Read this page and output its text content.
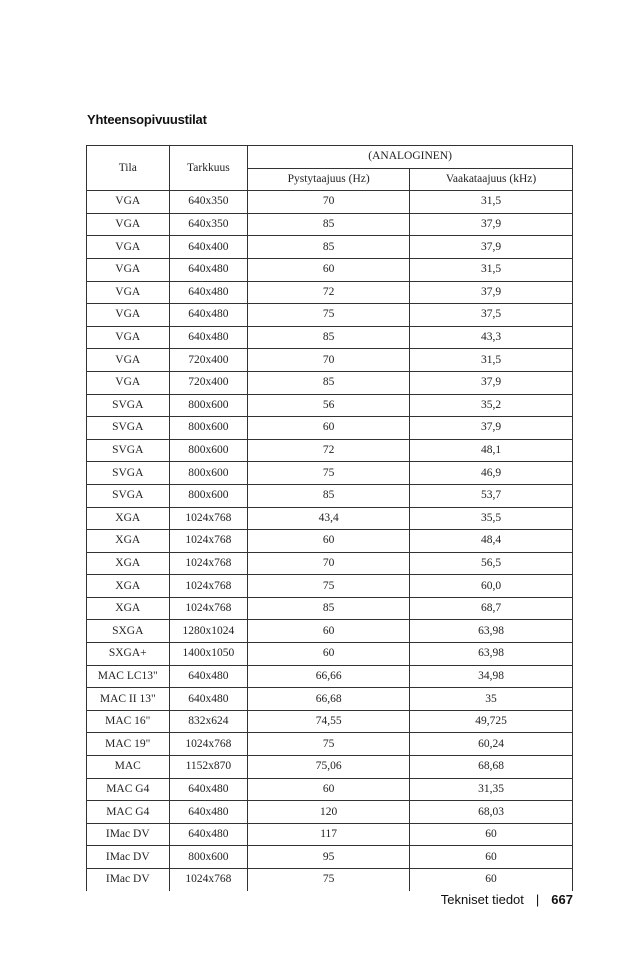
Yhteensopivuustilat
Tila	Tarkkuus	(ANALOGINEN)	
		Pystytaajuus (Hz)	Vaakataajuus (kHz)
VGA	640x350	70	31,5
VGA	640x350	85	37,9
VGA	640x400	85	37,9
VGA	640x480	60	31,5
VGA	640x480	72	37,9
VGA	640x480	75	37,5
VGA	640x480	85	43,3
VGA	720x400	70	31,5
VGA	720x400	85	37,9
SVGA	800x600	56	35,2
SVGA	800x600	60	37,9
SVGA	800x600	72	48,1
SVGA	800x600	75	46,9
SVGA	800x600	85	53,7
XGA	1024x768	43,4	35,5
XGA	1024x768	60	48,4
XGA	1024x768	70	56,5
XGA	1024x768	75	60,0
XGA	1024x768	85	68,7
SXGA	1280x1024	60	63,98
SXGA+	1400x1050	60	63,98
MAC LC13"	640x480	66,66	34,98
MAC II 13"	640x480	66,68	35
MAC 16"	832x624	74,55	49,725
MAC 19"	1024x768	75	60,24
MAC	1152x870	75,06	68,68
MAC G4	640x480	60	31,35
MAC G4	640x480	120	68,03
IMac DV	640x480	117	60
IMac DV	800x600	95	60
IMac DV	1024x768	75	60
Tekniset tiedot | 667
